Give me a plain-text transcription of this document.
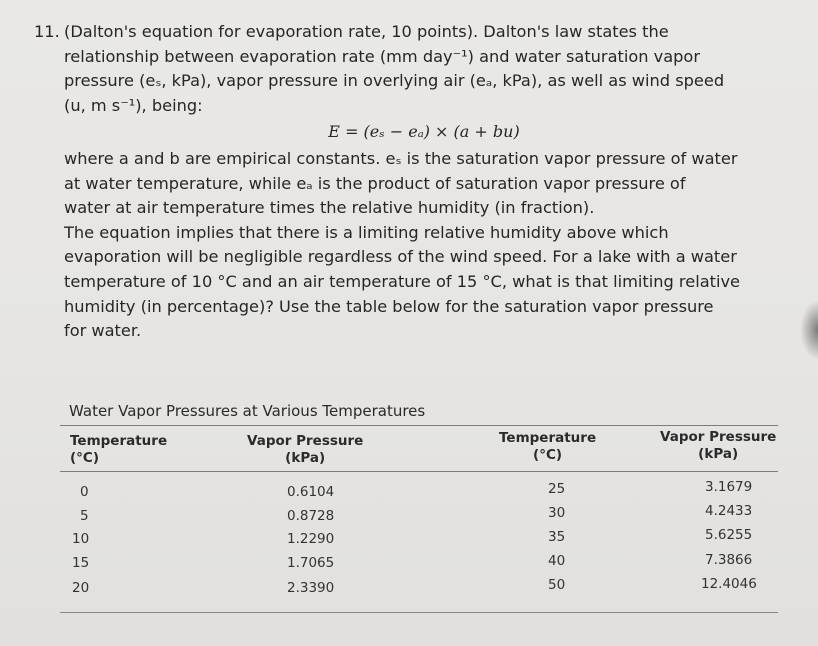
11. (Dalton's equation for evaporation rate, 10 points). Dalton's law states the
relationship between evaporation rate (mm day⁻¹) and water saturation vapor
pressure (eₛ, kPa), vapor pressure in overlying air (eₐ, kPa), as well as wind speed
(u, m s⁻¹), being:
E = (eₛ − eₐ) × (a + bu)
where a and b are empirical constants. eₛ is the saturation vapor pressure of water
at water temperature, while eₐ is the product of saturation vapor pressure of
water at air temperature times the relative humidity (in fraction).
The equation implies that there is a limiting relative humidity above which
evaporation will be negligible regardless of the wind speed. For a lake with a water
temperature of 10 °C and an air temperature of 15 °C, what is that limiting relative
humidity (in percentage)? Use the table below for the saturation vapor pressure
for water.
Water Vapor Pressures at Various Temperatures
Temperature
(°C)
Vapor Pressure
(kPa)
Temperature
(°C)
Vapor Pressure
(kPa)
0
5
10
15
20
0.6104
0.8728
1.2290
1.7065
2.3390
25
30
35
40
50
3.1679
4.2433
5.6255
7.3866
12.4046
